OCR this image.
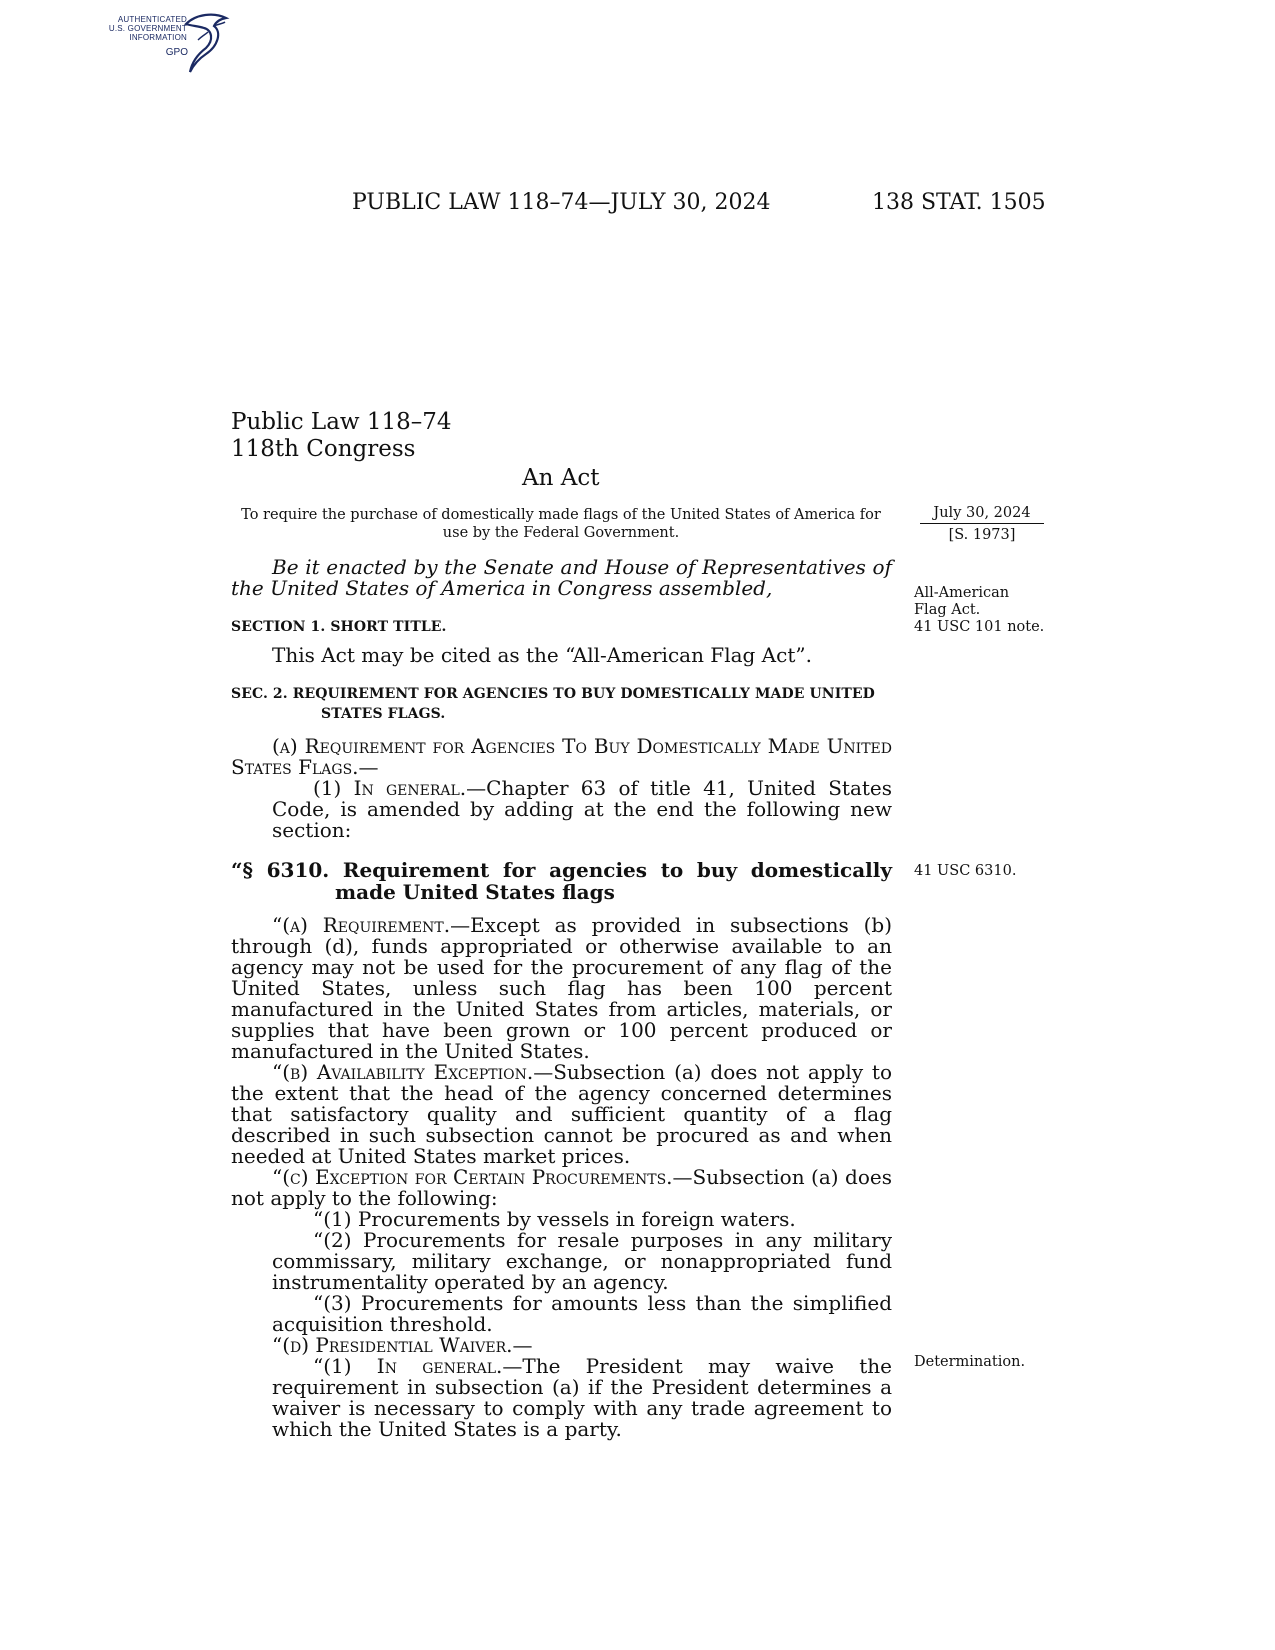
AUTHENTICATED
U.S. GOVERNMENT
INFORMATION
GPO
PUBLIC LAW 118–74—JULY 30, 2024	138 STAT. 1505
Public Law 118–74
118th Congress
An Act
To require the purchase of domestically made flags of the United States of America for use by the Federal Government.
July 30, 2024
[S. 1973]
All-American
Flag Act.
41 USC 101 note.
41 USC 6310.
Determination.

Be it enacted by the Senate and House of Representatives of the United States of America in Congress assembled,

SECTION 1. SHORT TITLE.

This Act may be cited as the “All-American Flag Act”.

SEC. 2. REQUIREMENT FOR AGENCIES TO BUY DOMESTICALLY MADE UNITED STATES FLAGS.

(a) Requirement for Agencies To Buy Domestically Made United States Flags.—

(1) In general.—Chapter 63 of title 41, United States Code, is amended by adding at the end the following new section:

“§ 6310. Requirement for agencies to buy domestically made United States flags

“(a) Requirement.—Except as provided in subsections (b) through (d), funds appropriated or otherwise available to an agency may not be used for the procurement of any flag of the United States, unless such flag has been 100 percent manufactured in the United States from articles, materials, or supplies that have been grown or 100 percent produced or manufactured in the United States.

“(b) Availability Exception.—Subsection (a) does not apply to the extent that the head of the agency concerned determines that satisfactory quality and sufficient quantity of a flag described in such subsection cannot be procured as and when needed at United States market prices.

“(c) Exception for Certain Procurements.—Subsection (a) does not apply to the following:

“(1) Procurements by vessels in foreign waters.

“(2) Procurements for resale purposes in any military commissary, military exchange, or nonappropriated fund instrumentality operated by an agency.

“(3) Procurements for amounts less than the simplified acquisition threshold.

“(d) Presidential Waiver.—

“(1) In general.—The President may waive the requirement in subsection (a) if the President determines a waiver is necessary to comply with any trade agreement to which the United States is a party.
